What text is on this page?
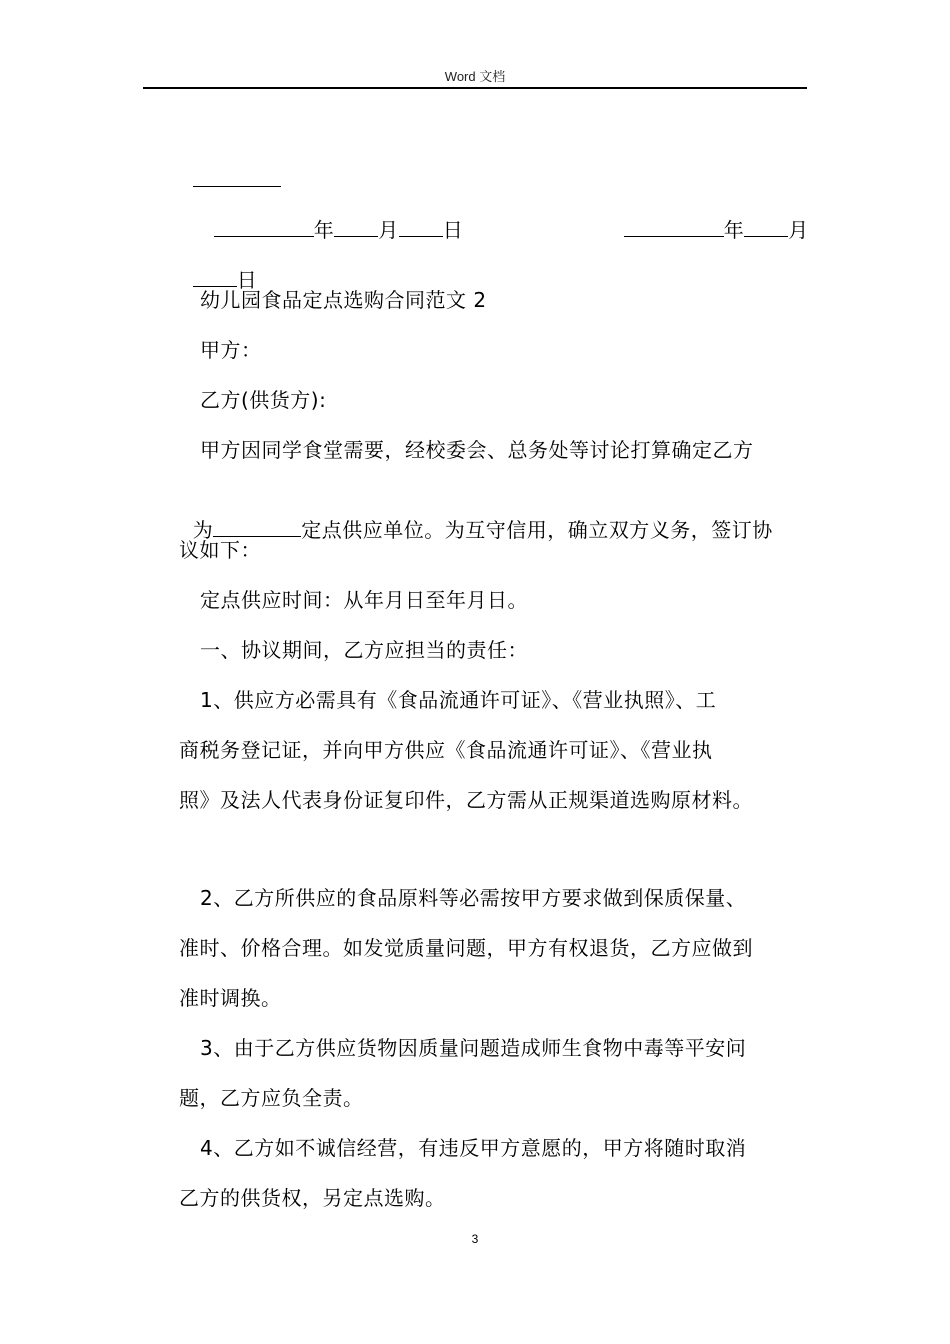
Word 文档

年 月 日	年 月

日

幼儿园食品定点选购合同范文 2
甲方：
乙方(供货方):
甲方因同学食堂需要，经校委会、总务处等讨论打算确定乙方

为	定点供应单位。为互守信用，确立双方义务，签订协

议如下：
定点供应时间：从年月日至年月日。
一、协议期间，乙方应担当的责任：
1、供应方必需具有《食品流通许可证》、《营业执照》、工
商税务登记证，并向甲方供应《食品流通许可证》、《营业执
照》及法人代表身份证复印件，乙方需从正规渠道选购原材料。
2、乙方所供应的食品原料等必需按甲方要求做到保质保量、
准时、价格合理。如发觉质量问题，甲方有权退货，乙方应做到
准时调换。
3、由于乙方供应货物因质量问题造成师生食物中毒等平安问
题，乙方应负全责。
4、乙方如不诚信经营，有违反甲方意愿的，甲方将随时取消
乙方的供货权，另定点选购。
3
